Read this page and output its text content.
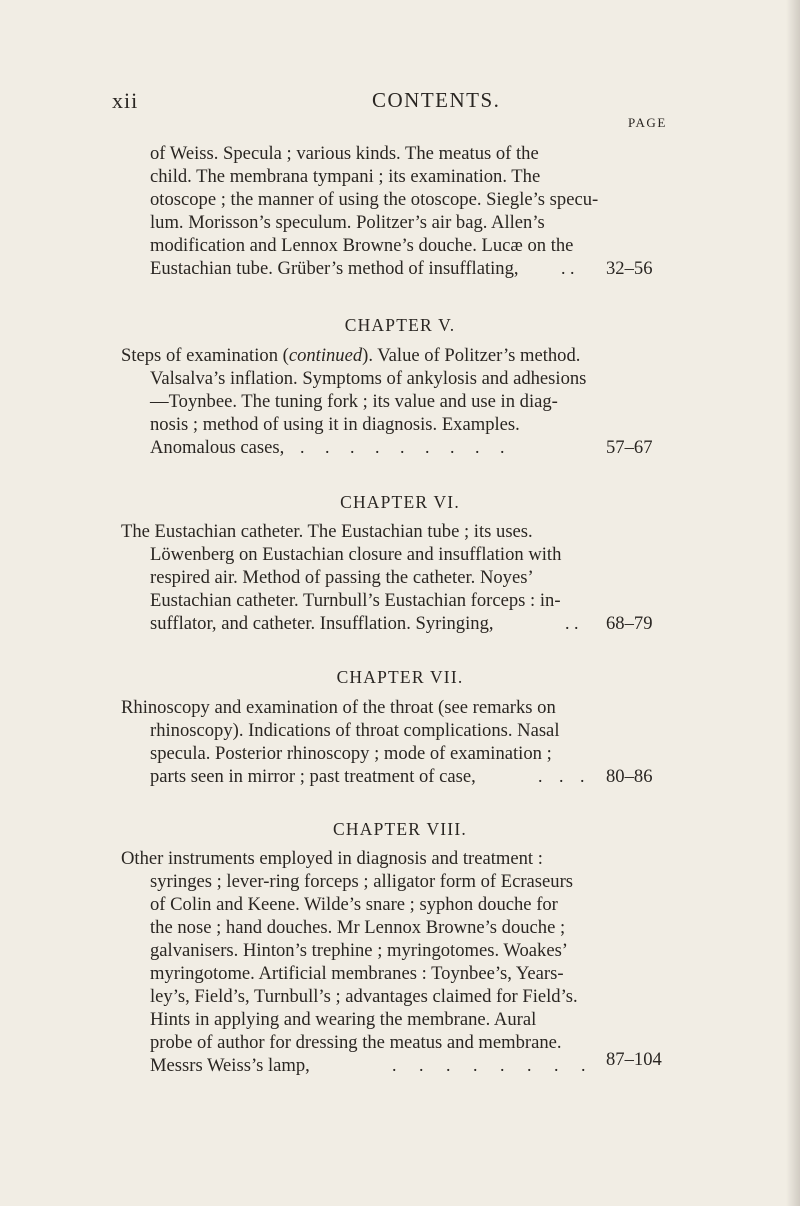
xii	CONTENTS.
PAGE
of Weiss. Specula ; various kinds. The meatus of the
child. The membrana tympani ; its examination. The
otoscope ; the manner of using the otoscope. Siegle’s specu-
lum. Morisson’s speculum. Politzer’s air bag. Allen’s
modification and Lennox Browne’s douche. Lucæ on the
Eustachian tube. Grüber’s method of insufflating, . . 32–56
CHAPTER V.
Steps of examination (continued). Value of Politzer’s method.
Valsalva’s inflation. Symptoms of ankylosis and adhesions
—Toynbee. The tuning fork ; its value and use in diag-
nosis ; method of using it in diagnosis. Examples.
Anomalous cases, . . . . . . . . .	57–67
CHAPTER VI.
The Eustachian catheter. The Eustachian tube ; its uses.
Löwenberg on Eustachian closure and insufflation with
respired air. Method of passing the catheter. Noyes’
Eustachian catheter. Turnbull’s Eustachian forceps : in-
sufflator, and catheter. Insufflation. Syringing,	. . 68–79
CHAPTER VII.
Rhinoscopy and examination of the throat (see remarks on
rhinoscopy). Indications of throat complications. Nasal
specula. Posterior rhinoscopy ; mode of examination ;
parts seen in mirror ; past treatment of case,	. . . 80–86
CHAPTER VIII.
Other instruments employed in diagnosis and treatment :
syringes ; lever-ring forceps ; alligator form of Ecraseurs
of Colin and Keene. Wilde’s snare ; syphon douche for
the nose ; hand douches. Mr Lennox Browne’s douche ;
galvanisers. Hinton’s trephine ; myringotomes. Woakes’
myringotome. Artificial membranes : Toynbee’s, Years-
ley’s, Field’s, Turnbull’s ; advantages claimed for Field’s.
Hints in applying and wearing the membrane. Aural
probe of author for dressing the meatus and membrane.
Messrs Weiss’s lamp,	. . . . . . . . 87–104
